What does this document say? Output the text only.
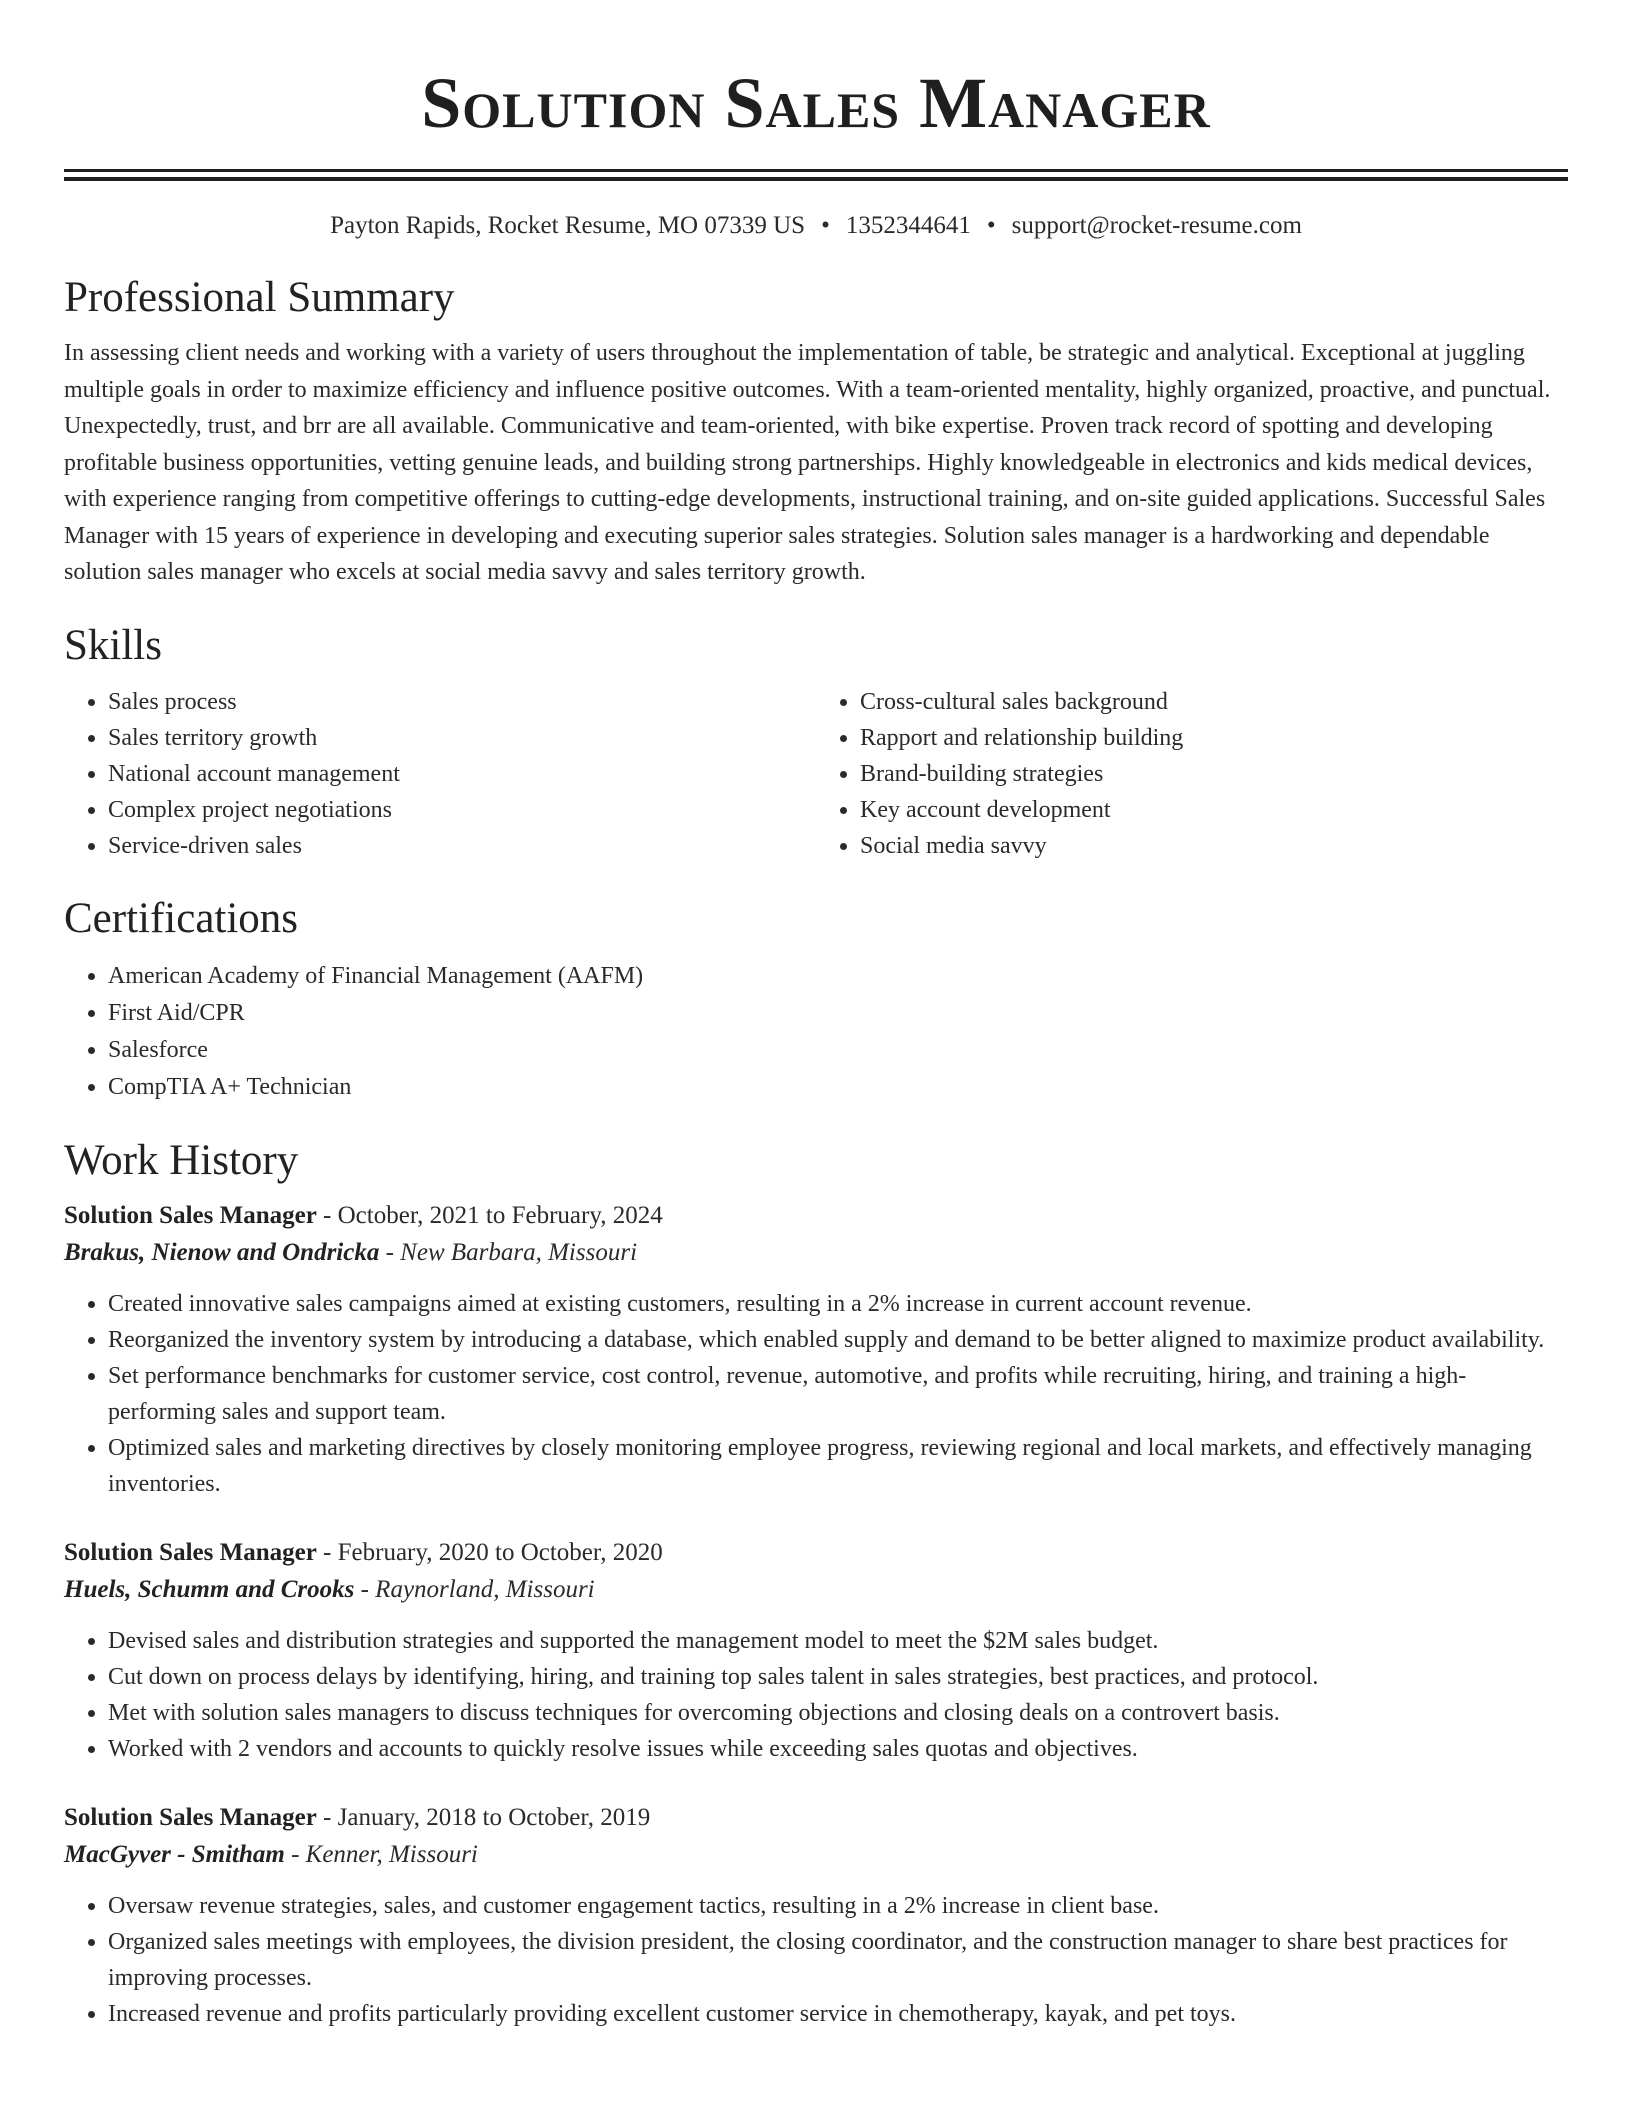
Solution Sales Manager
Payton Rapids, Rocket Resume, MO 07339 US • 1352344641 • support@rocket-resume.com
Professional Summary
In assessing client needs and working with a variety of users throughout the implementation of table, be strategic and analytical. Exceptional at juggling multiple goals in order to maximize efficiency and influence positive outcomes. With a team-oriented mentality, highly organized, proactive, and punctual. Unexpectedly, trust, and brr are all available. Communicative and team-oriented, with bike expertise. Proven track record of spotting and developing profitable business opportunities, vetting genuine leads, and building strong partnerships. Highly knowledgeable in electronics and kids medical devices, with experience ranging from competitive offerings to cutting-edge developments, instructional training, and on-site guided applications. Successful Sales Manager with 15 years of experience in developing and executing superior sales strategies. Solution sales manager is a hardworking and dependable solution sales manager who excels at social media savvy and sales territory growth.
Skills
• Sales process
• Sales territory growth
• National account management
• Complex project negotiations
• Service-driven sales
• Cross-cultural sales background
• Rapport and relationship building
• Brand-building strategies
• Key account development
• Social media savvy
Certifications
• American Academy of Financial Management (AAFM)
• First Aid/CPR
• Salesforce
• CompTIA A+ Technician
Work History
Solution Sales Manager - October, 2021 to February, 2024
Brakus, Nienow and Ondricka - New Barbara, Missouri
• Created innovative sales campaigns aimed at existing customers, resulting in a 2% increase in current account revenue.
• Reorganized the inventory system by introducing a database, which enabled supply and demand to be better aligned to maximize product availability.
• Set performance benchmarks for customer service, cost control, revenue, automotive, and profits while recruiting, hiring, and training a high-performing sales and support team.
• Optimized sales and marketing directives by closely monitoring employee progress, reviewing regional and local markets, and effectively managing inventories.
Solution Sales Manager - February, 2020 to October, 2020
Huels, Schumm and Crooks - Raynorland, Missouri
• Devised sales and distribution strategies and supported the management model to meet the $2M sales budget.
• Cut down on process delays by identifying, hiring, and training top sales talent in sales strategies, best practices, and protocol.
• Met with solution sales managers to discuss techniques for overcoming objections and closing deals on a controvert basis.
• Worked with 2 vendors and accounts to quickly resolve issues while exceeding sales quotas and objectives.
Solution Sales Manager - January, 2018 to October, 2019
MacGyver - Smitham - Kenner, Missouri
• Oversaw revenue strategies, sales, and customer engagement tactics, resulting in a 2% increase in client base.
• Organized sales meetings with employees, the division president, the closing coordinator, and the construction manager to share best practices for improving processes.
• Increased revenue and profits particularly providing excellent customer service in chemotherapy, kayak, and pet toys.
